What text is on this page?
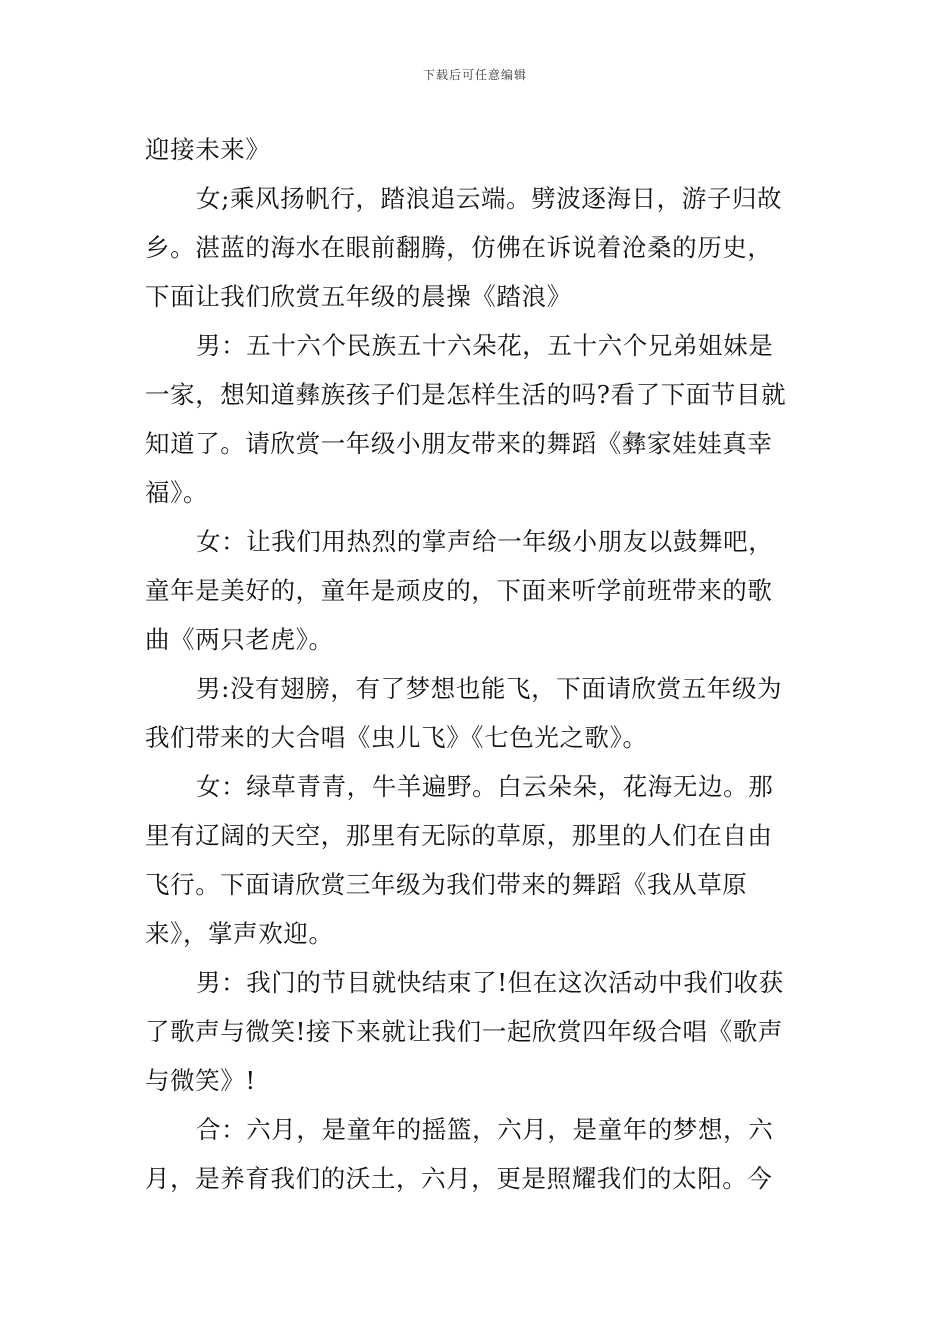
下载后可任意编辑
迎接未来》
女;乘风扬帆行，踏浪追云端。劈波逐海日，游子归故
乡。湛蓝的海水在眼前翻腾，仿佛在诉说着沧桑的历史，
下面让我们欣赏五年级的晨操《踏浪》
男：五十六个民族五十六朵花，五十六个兄弟姐妹是
一家，想知道彝族孩子们是怎样生活的吗?看了下面节目就
知道了。请欣赏一年级小朋友带来的舞蹈《彝家娃娃真幸
福》。
女：让我们用热烈的掌声给一年级小朋友以鼓舞吧，
童年是美好的，童年是顽皮的，下面来听学前班带来的歌
曲《两只老虎》。
男:没有翅膀，有了梦想也能飞，下面请欣赏五年级为
我们带来的大合唱《虫儿飞》《七色光之歌》。
女：绿草青青，牛羊遍野。白云朵朵，花海无边。那
里有辽阔的天空，那里有无际的草原，那里的人们在自由
飞行。下面请欣赏三年级为我们带来的舞蹈《我从草原
来》，掌声欢迎。
男：我门的节目就快结束了!但在这次活动中我们收获
了歌声与微笑!接下来就让我们一起欣赏四年级合唱《歌声
与微笑》!
合：六月，是童年的摇篮，六月，是童年的梦想，六
月，是养育我们的沃土，六月，更是照耀我们的太阳。今
